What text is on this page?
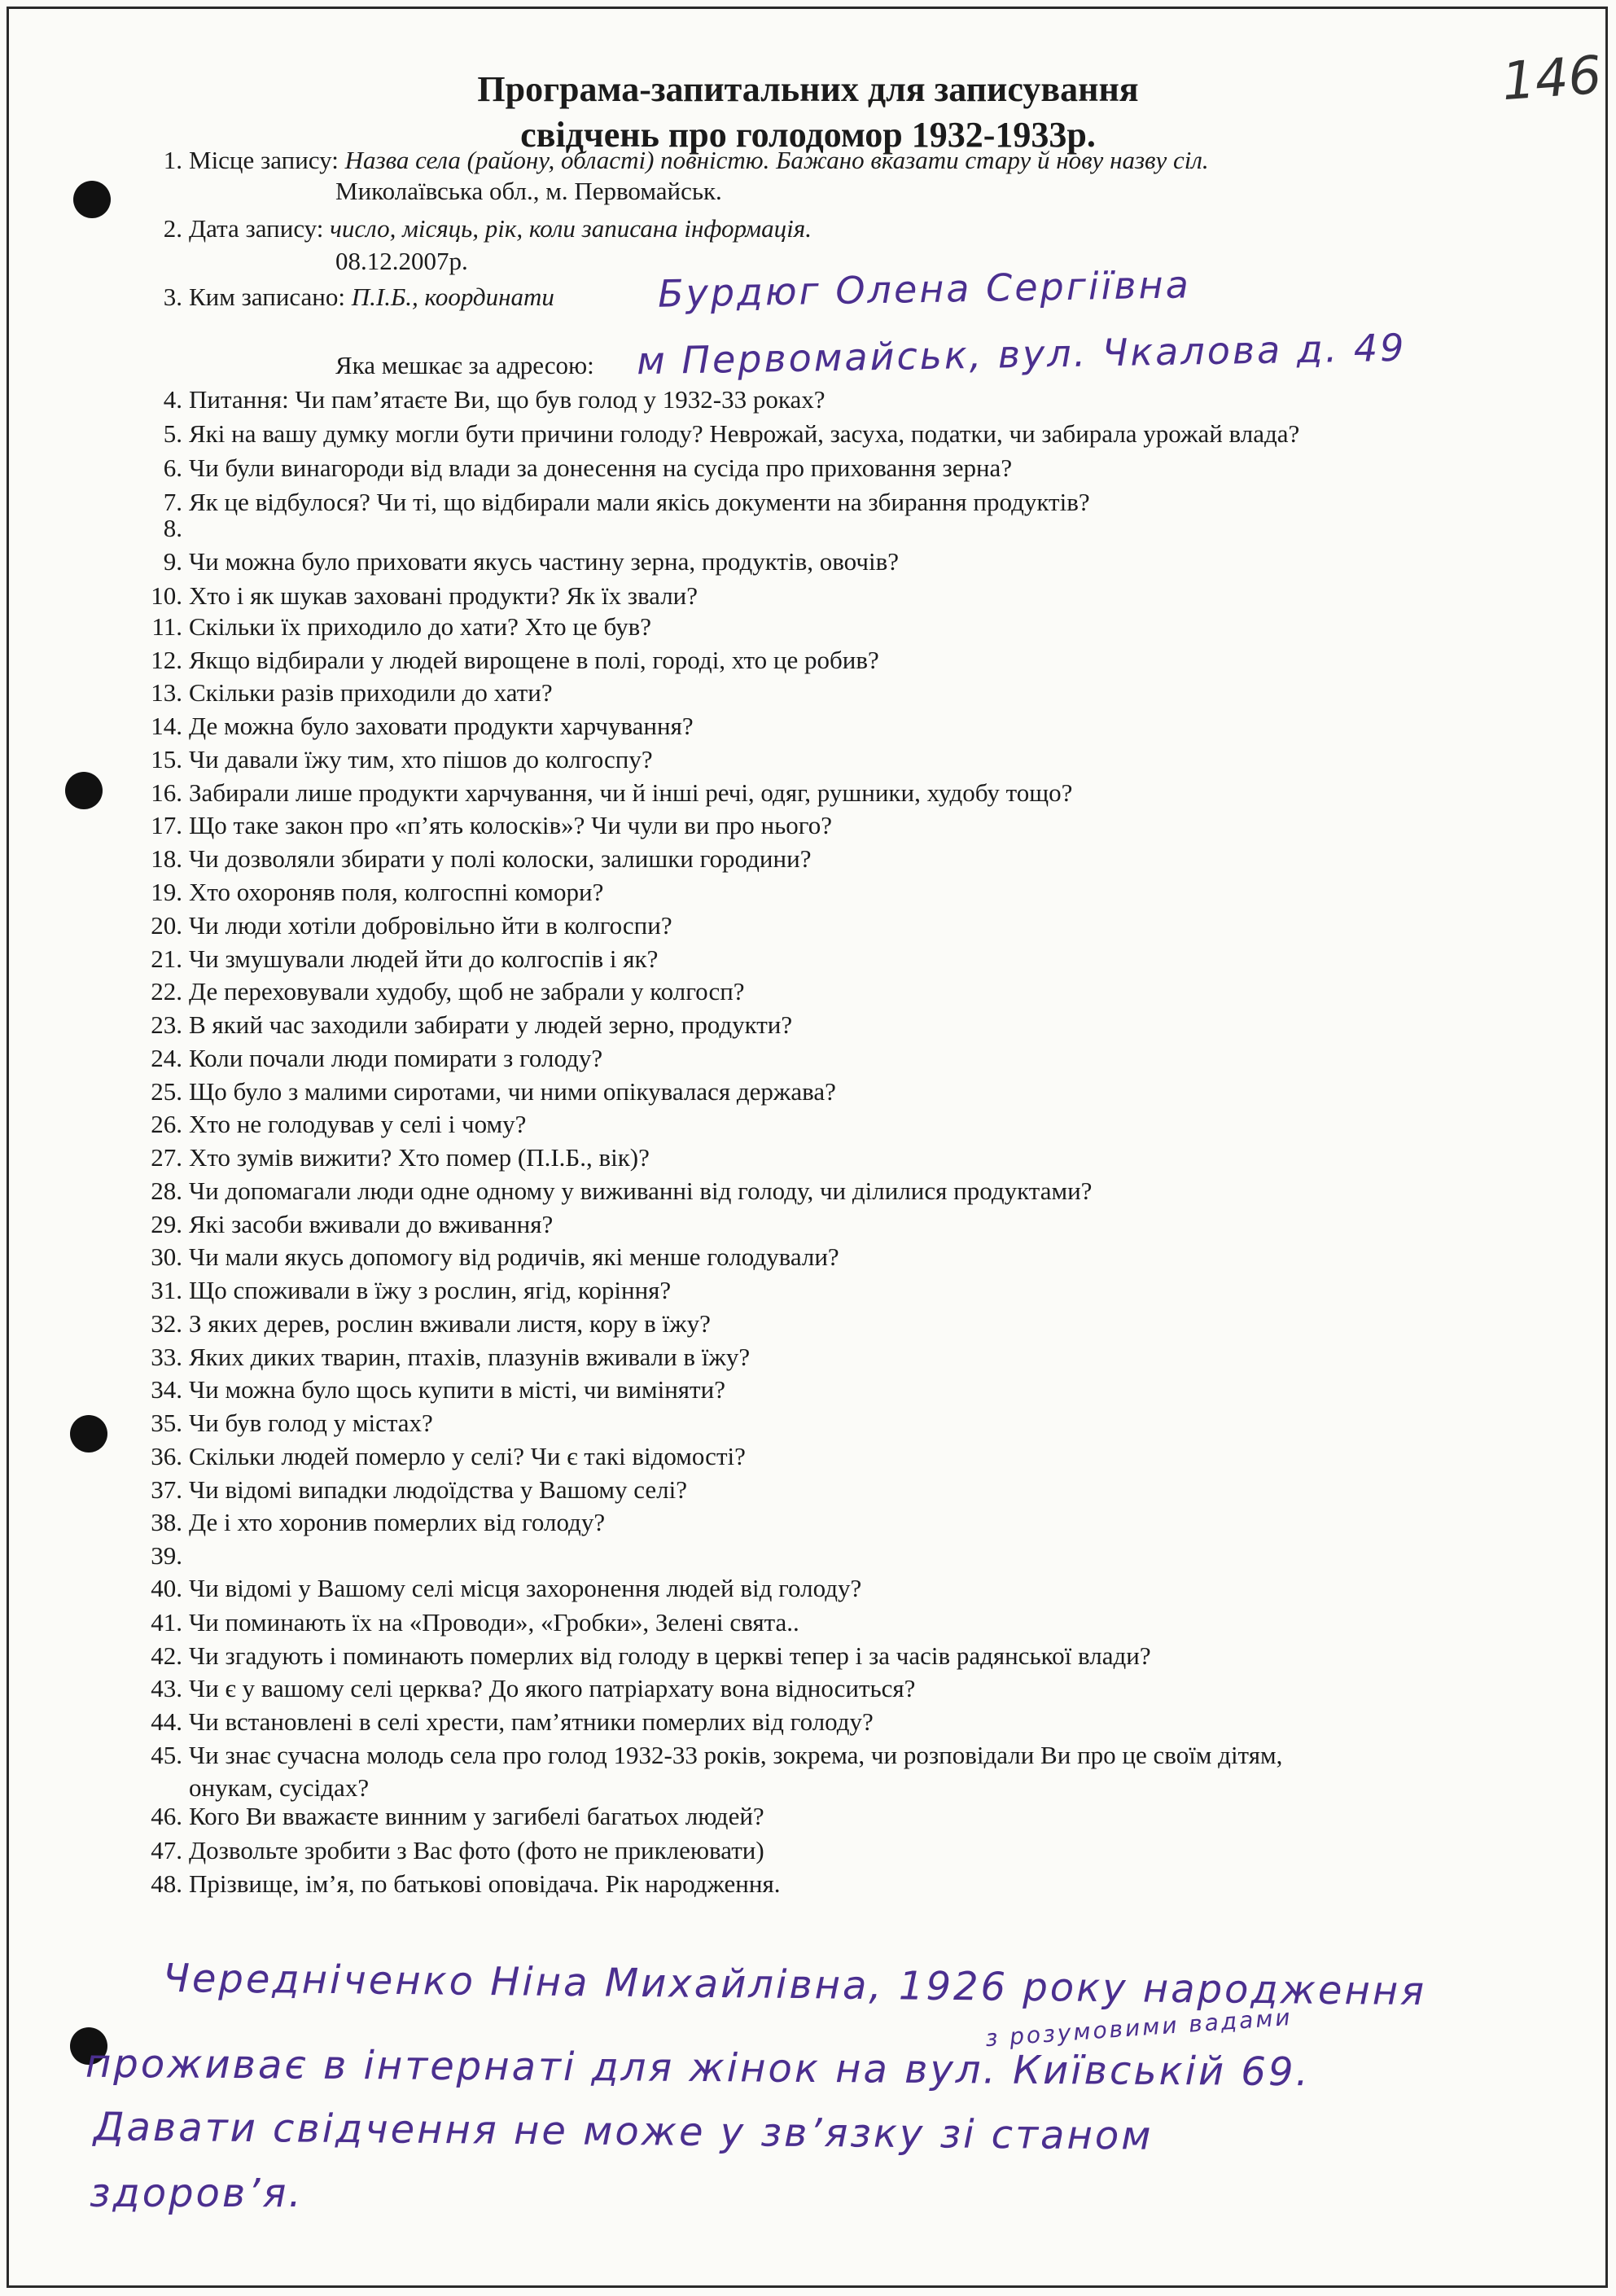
146
Програма-запитальних для записування
свідчень про голодомор 1932-1933р.
1. Місце запису: Назва села (району, області) повністю. Бажано вказати стару й нову назву сіл.
Миколаївська обл., м. Первомайськ.
2. Дата запису: число, місяць, рік, коли записана інформація.
08.12.2007р.
3. Ким записано: П.І.Б., координати	Бурдюг Олена Сергіївна
Яка мешкає за адресою: м Первомайськ, вул. Чкалова д. 49
4. Питання: Чи пам’ятаєте Ви, що був голод у 1932-33 роках?
5. Які на вашу думку могли бути причини голоду? Неврожай, засуха, податки, чи забирала урожай влада?
6. Чи були винагороди від влади за донесення на сусіда про приховання зерна?
7. Як це відбулося? Чи ті, що відбирали мали якісь документи на збирання продуктів?
8.
9. Чи можна було приховати якусь частину зерна, продуктів, овочів?
10. Хто і як шукав заховані продукти? Як їх звали?
11. Скільки їх приходило до хати? Хто це був?
12. Якщо відбирали у людей вирощене в полі, городі, хто це робив?
13. Скільки разів приходили до хати?
14. Де можна було заховати продукти харчування?
15. Чи давали їжу тим, хто пішов до колгоспу?
16. Забирали лише продукти харчування, чи й інші речі, одяг, рушники, худобу тощо?
17. Що таке закон про «п’ять колосків»? Чи чули ви про нього?
18. Чи дозволяли збирати у полі колоски, залишки городини?
19. Хто охороняв поля, колгоспні комори?
20. Чи люди хотіли добровільно йти в колгоспи?
21. Чи змушували людей йти до колгоспів і як?
22. Де переховували худобу, щоб не забрали у колгосп?
23. В який час заходили забирати у людей зерно, продукти?
24. Коли почали люди помирати з голоду?
25. Що було з малими сиротами, чи ними опікувалася держава?
26. Хто не голодував у селі і чому?
27. Хто зумів вижити? Хто помер (П.І.Б., вік)?
28. Чи допомагали люди одне одному у виживанні від голоду, чи ділилися продуктами?
29. Які засоби вживали до вживання?
30. Чи мали якусь допомогу від родичів, які менше голодували?
31. Що споживали в їжу з рослин, ягід, коріння?
32. З яких дерев, рослин вживали листя, кору в їжу?
33. Яких диких тварин, птахів, плазунів вживали в їжу?
34. Чи можна було щось купити в місті, чи виміняти?
35. Чи був голод у містах?
36. Скільки людей померло у селі? Чи є такі відомості?
37. Чи відомі випадки людоїдства у Вашому селі?
38. Де і хто хоронив померлих від голоду?
39.
40. Чи відомі у Вашому селі місця захоронення людей від голоду?
41. Чи поминають їх на «Проводи», «Гробки», Зелені свята..
42. Чи згадують і поминають померлих від голоду в церкві тепер і за часів радянської влади?
43. Чи є у вашому селі церква? До якого патріархату вона відноситься?
44. Чи встановлені в селі хрести, пам’ятники померлих від голоду?
45. Чи знає сучасна молодь села про голод 1932-33 років, зокрема, чи розповідали Ви про це своїм дітям,
онукам, сусідах?
46. Кого Ви вважаєте винним у загибелі багатьох людей?
47. Дозвольте зробити з Вас фото (фото не приклеювати)
48. Прізвище, ім’я, по батькові оповідача. Рік народження.
Чередніченко Ніна Михайлівна, 1926 року народження
з розумовими вадами
проживає в інтернаті для жінок на вул. Київській 69.
Давати свідчення не може у зв’язку зі станом
здоров’я.
